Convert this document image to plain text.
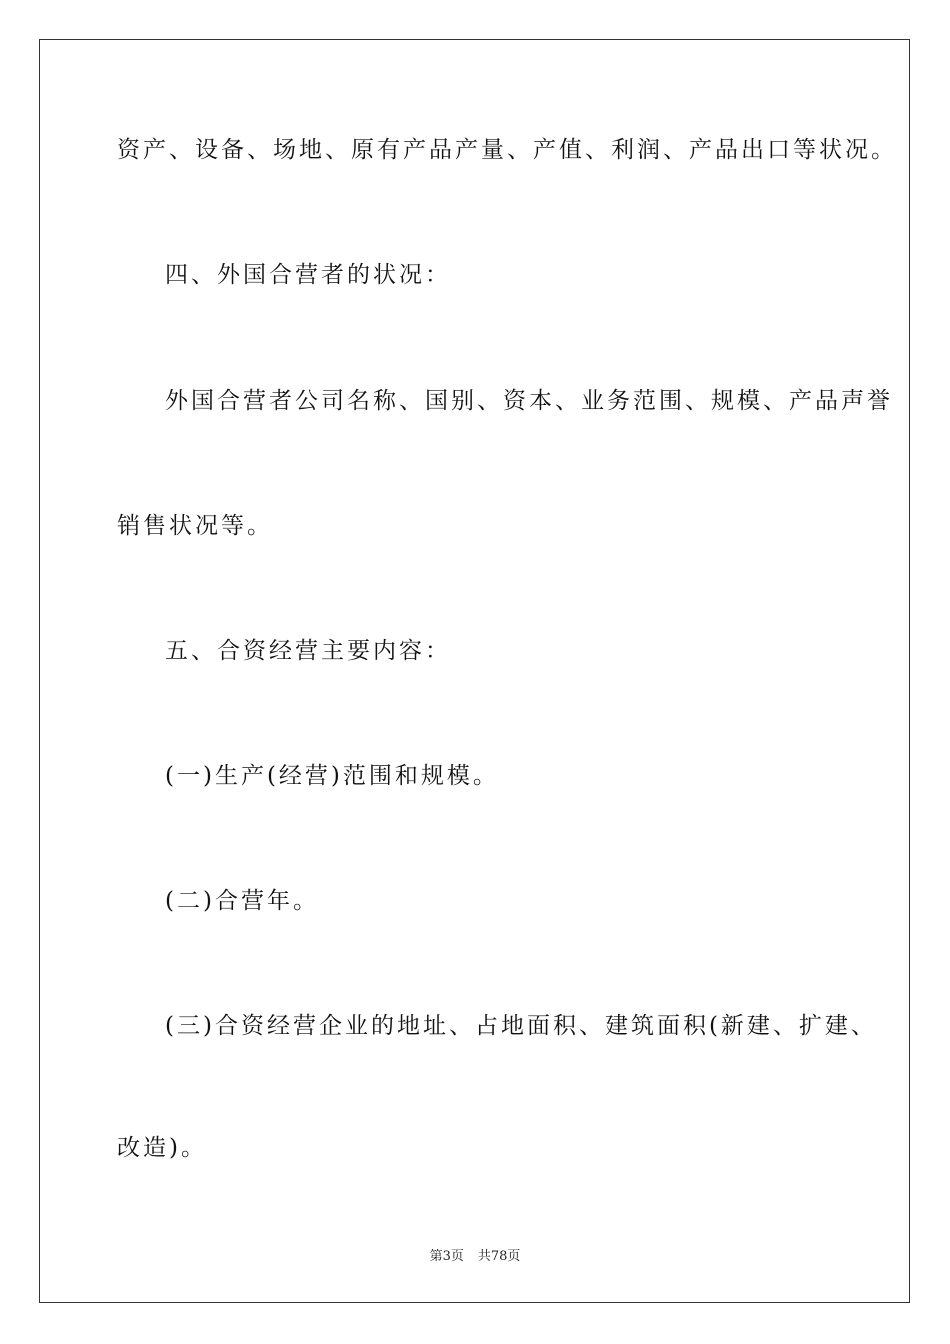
资产、设备、场地、原有产品产量、产值、利润、产品出口等状况。
四、外国合营者的状况：
外国合营者公司名称、国别、资本、业务范围、规模、产品声誉
销售状况等。
五、合资经营主要内容：
(一)生产(经营)范围和规模。
(二)合营年。
(三)合资经营企业的地址、占地面积、建筑面积(新建、扩建、
改造)。
第3页 共78页
